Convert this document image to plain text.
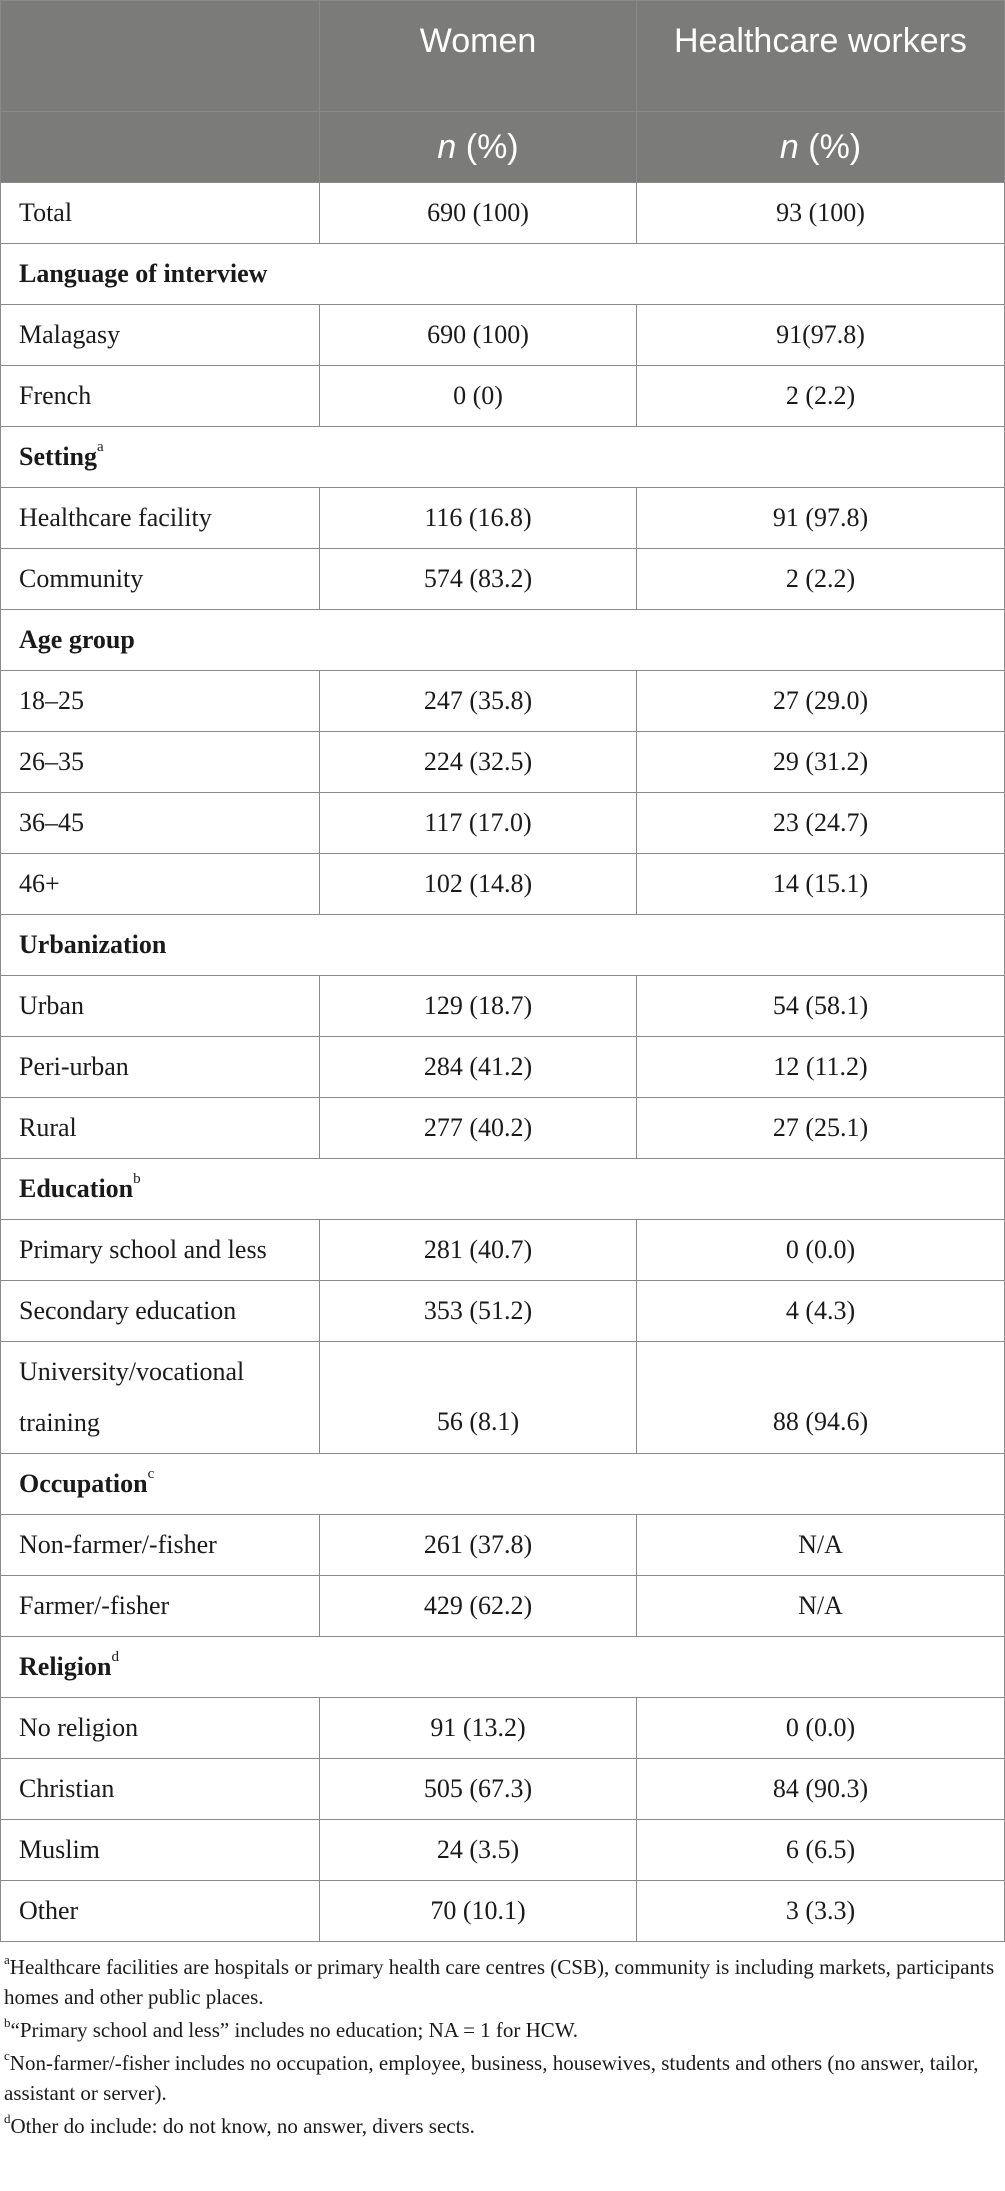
	Women	Healthcare workers
	n (%)	n (%)
Total	690 (100)	93 (100)
Language of interview		
Malagasy	690 (100)	91(97.8)
French	0 (0)	2 (2.2)
Setting$^a$
Healthcare facility	116 (16.8)	91 (97.8)
Community	574 (83.2)	2 (2.2)
Age group		
18–25	247 (35.8)	27 (29.0)
26–35	224 (32.5)	29 (31.2)
36–45	117 (17.0)	23 (24.7)
46+	102 (14.8)	14 (15.1)
Urbanization		
Urban	129 (18.7)	54 (58.1)
Peri-urban	284 (41.2)	12 (11.2)
Rural	277 (40.2)	27 (25.1)
Education$^b$
Primary school and less	281 (40.7)	0 (0.0)
Secondary education	353 (51.2)	4 (4.3)
University/vocational training	56 (8.1)	88 (94.6)
Occupation$^c$
Non-farmer/-fisher	261 (37.8)	N/A
Farmer/-fisher	429 (62.2)	N/A
Religion$^d$
No religion	91 (13.2)	0 (0.0)
Christian	505 (67.3)	84 (90.3)
Muslim	24 (3.5)	6 (6.5)
Other	70 (10.1)	3 (3.3)

$^a$Healthcare facilities are hospitals or primary health care centres (CSB), community is including markets, participants homes and other public places.

$^b$“Primary school and less” includes no education; NA = 1 for HCW.

$^c$Non-farmer/-fisher includes no occupation, employee, business, housewives, students and others (no answer, tailor, assistant or server).

$^d$Other do include: do not know, no answer, divers sects.
